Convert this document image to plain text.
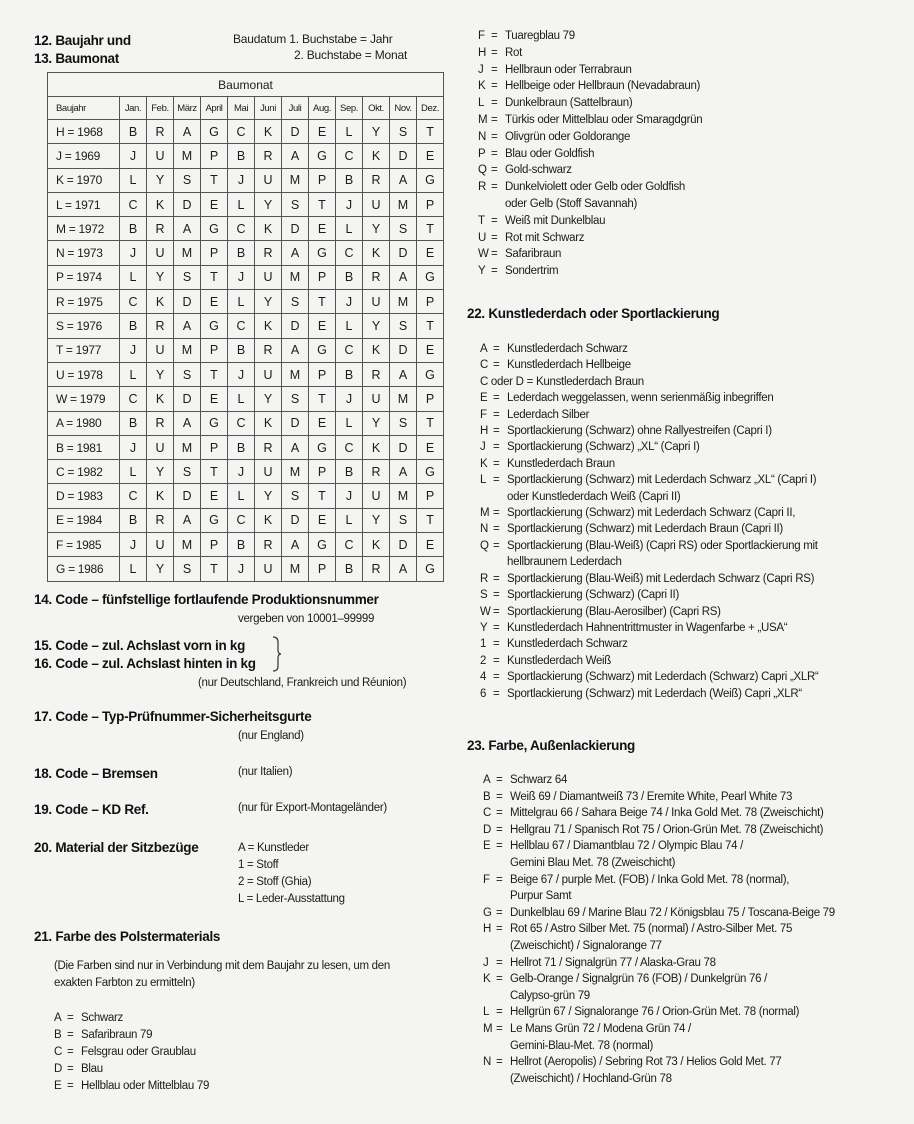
12. Baujahr und
13. Baumonat
Baudatum 1. Buchstabe = Jahr
2. Buchstabe = Monat
Baumonat												
Baujahr	Jan.	Feb.	März	April	Mai	Juni	Juli	Aug.	Sep.	Okt.	Nov.	Dez.
H = 1968	B	R	A	G	C	K	D	E	L	Y	S	T
J = 1969	J	U	M	P	B	R	A	G	C	K	D	E
K = 1970	L	Y	S	T	J	U	M	P	B	R	A	G
L = 1971	C	K	D	E	L	Y	S	T	J	U	M	P
M = 1972	B	R	A	G	C	K	D	E	L	Y	S	T
N = 1973	J	U	M	P	B	R	A	G	C	K	D	E
P = 1974	L	Y	S	T	J	U	M	P	B	R	A	G
R = 1975	C	K	D	E	L	Y	S	T	J	U	M	P
S = 1976	B	R	A	G	C	K	D	E	L	Y	S	T
T = 1977	J	U	M	P	B	R	A	G	C	K	D	E
U = 1978	L	Y	S	T	J	U	M	P	B	R	A	G
W = 1979	C	K	D	E	L	Y	S	T	J	U	M	P
A = 1980	B	R	A	G	C	K	D	E	L	Y	S	T
B = 1981	J	U	M	P	B	R	A	G	C	K	D	E
C = 1982	L	Y	S	T	J	U	M	P	B	R	A	G
D = 1983	C	K	D	E	L	Y	S	T	J	U	M	P
E = 1984	B	R	A	G	C	K	D	E	L	Y	S	T
F = 1985	J	U	M	P	B	R	A	G	C	K	D	E
G = 1986	L	Y	S	T	J	U	M	P	B	R	A	G
14. Code – fünfstellige fortlaufende Produktionsnummer
vergeben von 10001–99999
15. Code – zul. Achslast vorn in kg
16. Code – zul. Achslast hinten in kg
(nur Deutschland, Frankreich und Réunion)
17. Code – Typ-Prüfnummer-Sicherheitsgurte
(nur England)
18. Code – Bremsen	(nur Italien)
19. Code – KD Ref.	(nur für Export-Montageländer)
20. Material der Sitzbezüge	A = Kunstleder
1 = Stoff
2 = Stoff (Ghia)
L = Leder-Ausstattung
21. Farbe des Polstermaterials
(Die Farben sind nur in Verbindung mit dem Baujahr zu lesen, um den
exakten Farbton zu ermitteln)
A = Schwarz
B = Safaribraun 79
C = Felsgrau oder Graublau
D = Blau
E = Hellblau oder Mittelblau 79
F = Tuaregblau 79
H = Rot
J = Hellbraun oder Terrabraun
K = Hellbeige oder Hellbraun (Nevadabraun)
L = Dunkelbraun (Sattelbraun)
M = Türkis oder Mittelblau oder Smaragdgrün
N = Olivgrün oder Goldorange
P = Blau oder Goldfish
Q = Gold-schwarz
R = Dunkelviolett oder Gelb oder Goldfish
oder Gelb (Stoff Savannah)
T = Weiß mit Dunkelblau
U = Rot mit Schwarz
W = Safaribraun
Y = Sondertrim
22. Kunstlederdach oder Sportlackierung
A = Kunstlederdach Schwarz
C = Kunstlederdach Hellbeige
C oder D = Kunstlederdach Braun
E = Lederdach weggelassen, wenn serienmäßig inbegriffen
F = Lederdach Silber
H = Sportlackierung (Schwarz) ohne Rallyestreifen (Capri I)
J = Sportlackierung (Schwarz) „XL“ (Capri I)
K = Kunstlederdach Braun
L = Sportlackierung (Schwarz) mit Lederdach Schwarz „XL“ (Capri I)
oder Kunstlederdach Weiß (Capri II)
M = Sportlackierung (Schwarz) mit Lederdach Schwarz (Capri II,
N = Sportlackierung (Schwarz) mit Lederdach Braun (Capri II)
Q = Sportlackierung (Blau-Weiß) (Capri RS) oder Sportlackierung mit
hellbraunem Lederdach
R = Sportlackierung (Blau-Weiß) mit Lederdach Schwarz (Capri RS)
S = Sportlackierung (Schwarz) (Capri II)
W = Sportlackierung (Blau-Aerosilber) (Capri RS)
Y = Kunstlederdach Hahnentrittmuster in Wagenfarbe + „USA“
1 = Kunstlederdach Schwarz
2 = Kunstlederdach Weiß
4 = Sportlackierung (Schwarz) mit Lederdach (Schwarz) Capri „XLR“
6 = Sportlackierung (Schwarz) mit Lederdach (Weiß) Capri „XLR“
23. Farbe, Außenlackierung
A = Schwarz 64
B = Weiß 69 / Diamantweiß 73 / Eremite White, Pearl White 73
C = Mittelgrau 66 / Sahara Beige 74 / Inka Gold Met. 78 (Zweischicht)
D = Hellgrau 71 / Spanisch Rot 75 / Orion-Grün Met. 78 (Zweischicht)
E = Hellblau 67 / Diamantblau 72 / Olympic Blau 74 /
Gemini Blau Met. 78 (Zweischicht)
F = Beige 67 / purple Met. (FOB) / Inka Gold Met. 78 (normal),
Purpur Samt
G = Dunkelblau 69 / Marine Blau 72 / Königsblau 75 / Toscana-Beige 79
H = Rot 65 / Astro Silber Met. 75 (normal) / Astro-Silber Met. 75
(Zweischicht) / Signalorange 77
J = Hellrot 71 / Signalgrün 77 / Alaska-Grau 78
K = Gelb-Orange / Signalgrün 76 (FOB) / Dunkelgrün 76 /
Calypso-grün 79
L = Hellgrün 67 / Signalorange 76 / Orion-Grün Met. 78 (normal)
M = Le Mans Grün 72 / Modena Grün 74 /
Gemini-Blau-Met. 78 (normal)
N = Hellrot (Aeropolis) / Sebring Rot 73 / Helios Gold Met. 77
(Zweischicht) / Hochland-Grün 78
